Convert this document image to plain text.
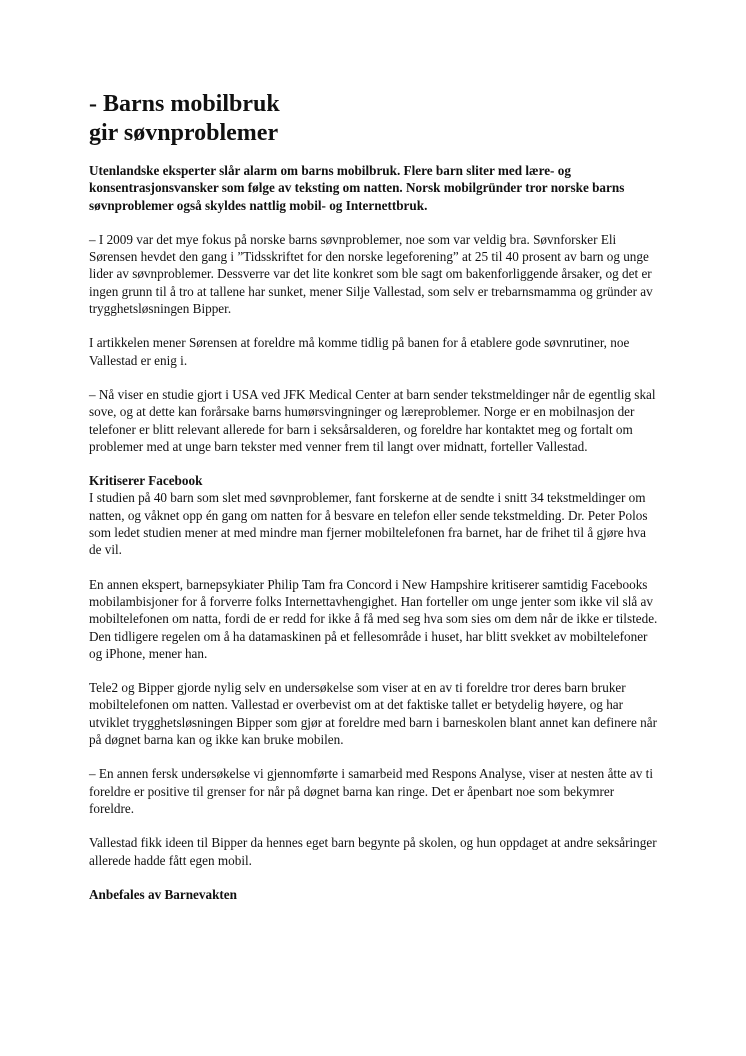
- Barns mobilbruk
gir søvnproblemer

Utenlandske eksperter slår alarm om barns mobilbruk. Flere barn sliter med lære- og konsentrasjonsvansker som følge av teksting om natten. Norsk mobilgründer tror norske barns søvnproblemer også skyldes nattlig mobil- og Internettbruk.

– I 2009 var det mye fokus på norske barns søvnproblemer, noe som var veldig bra. Søvnforsker Eli Sørensen hevdet den gang i ”Tidsskriftet for den norske legeforening” at 25 til 40 prosent av barn og unge lider av søvnproblemer. Dessverre var det lite konkret som ble sagt om bakenforliggende årsaker, og det er ingen grunn til å tro at tallene har sunket, mener Silje Vallestad, som selv er trebarnsmamma og gründer av trygghetsløsningen Bipper.

I artikkelen mener Sørensen at foreldre må komme tidlig på banen for å etablere gode søvnrutiner, noe Vallestad er enig i.

– Nå viser en studie gjort i USA ved JFK Medical Center at barn sender tekstmeldinger når de egentlig skal sove, og at dette kan forårsake barns humørsvingninger og læreproblemer. Norge er en mobilnasjon der telefoner er blitt relevant allerede for barn i seksårsalderen, og foreldre har kontaktet meg og fortalt om problemer med at unge barn tekster med venner frem til langt over midnatt, forteller Vallestad.

Kritiserer Facebook

I studien på 40 barn som slet med søvnproblemer, fant forskerne at de sendte i snitt 34 tekstmeldinger om natten, og våknet opp én gang om natten for å besvare en telefon eller sende tekstmelding. Dr. Peter Polos som ledet studien mener at med mindre man fjerner mobiltelefonen fra barnet, har de frihet til å gjøre hva de vil.

En annen ekspert, barnepsykiater Philip Tam fra Concord i New Hampshire kritiserer samtidig Facebooks mobilambisjoner for å forverre folks Internettavhengighet. Han forteller om unge jenter som ikke vil slå av mobiltelefonen om natta, fordi de er redd for ikke å få med seg hva som sies om dem når de ikke er tilstede. Den tidligere regelen om å ha datamaskinen på et fellesområde i huset, har blitt svekket av mobiltelefoner og iPhone, mener han.

Tele2 og Bipper gjorde nylig selv en undersøkelse som viser at en av ti foreldre tror deres barn bruker mobiltelefonen om natten. Vallestad er overbevist om at det faktiske tallet er betydelig høyere, og har utviklet trygghetsløsningen Bipper som gjør at foreldre med barn i barneskolen blant annet kan definere når på døgnet barna kan og ikke kan bruke mobilen.

– En annen fersk undersøkelse vi gjennomførte i samarbeid med Respons Analyse, viser at nesten åtte av ti foreldre er positive til grenser for når på døgnet barna kan ringe. Det er åpenbart noe som bekymrer foreldre.

Vallestad fikk ideen til Bipper da hennes eget barn begynte på skolen, og hun oppdaget at andre seksåringer allerede hadde fått egen mobil.

Anbefales av Barnevakten
